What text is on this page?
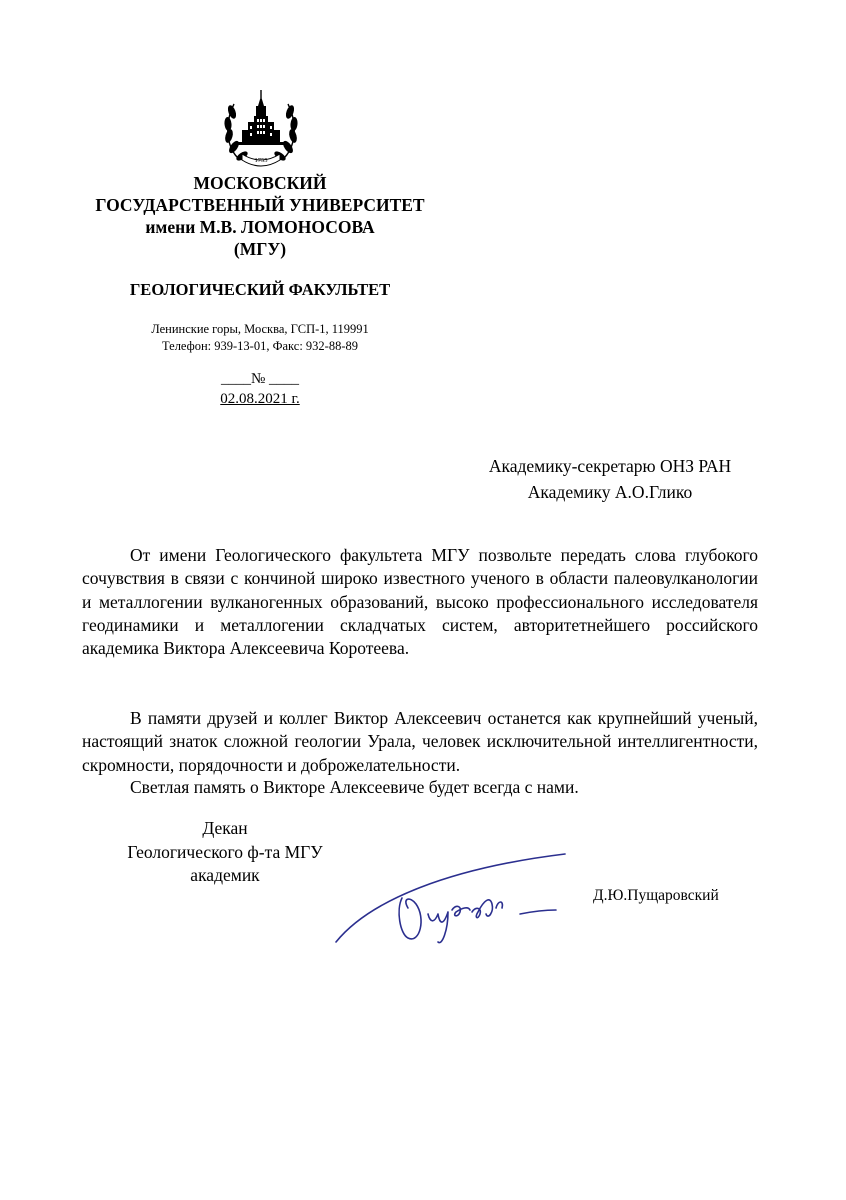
1755
МОСКОВСКИЙ
ГОСУДАРСТВЕННЫЙ УНИВЕРСИТЕТ
имени М.В. ЛОМОНОСОВА
(МГУ)
ГЕОЛОГИЧЕСКИЙ ФАКУЛЬТЕТ
Ленинские горы, Москва, ГСП-1, 119991
Телефон: 939-13-01, Факс: 932-88-89
____№ ____
02.08.2021 г.
Академику-секретарю ОНЗ РАН
Академику А.О.Глико

От имени Геологического факультета МГУ позвольте передать слова глубокого сочувствия в связи с кончиной широко известного ученого в области палеовулканологии и металлогении вулканогенных образований, высоко профессионального исследователя геодинамики и металлогении складчатых систем, авторитетнейшего российского академика Виктора Алексеевича Коротеева.

В памяти друзей и коллег Виктор Алексеевич останется как крупнейший ученый, настоящий знаток сложной геологии Урала, человек исключительной интеллигентности, скромности, порядочности и доброжелательности.

Светлая память о Викторе Алексеевиче будет всегда с нами.

Декан
Геологического ф-та МГУ
академик
Д.Ю.Пущаровский
